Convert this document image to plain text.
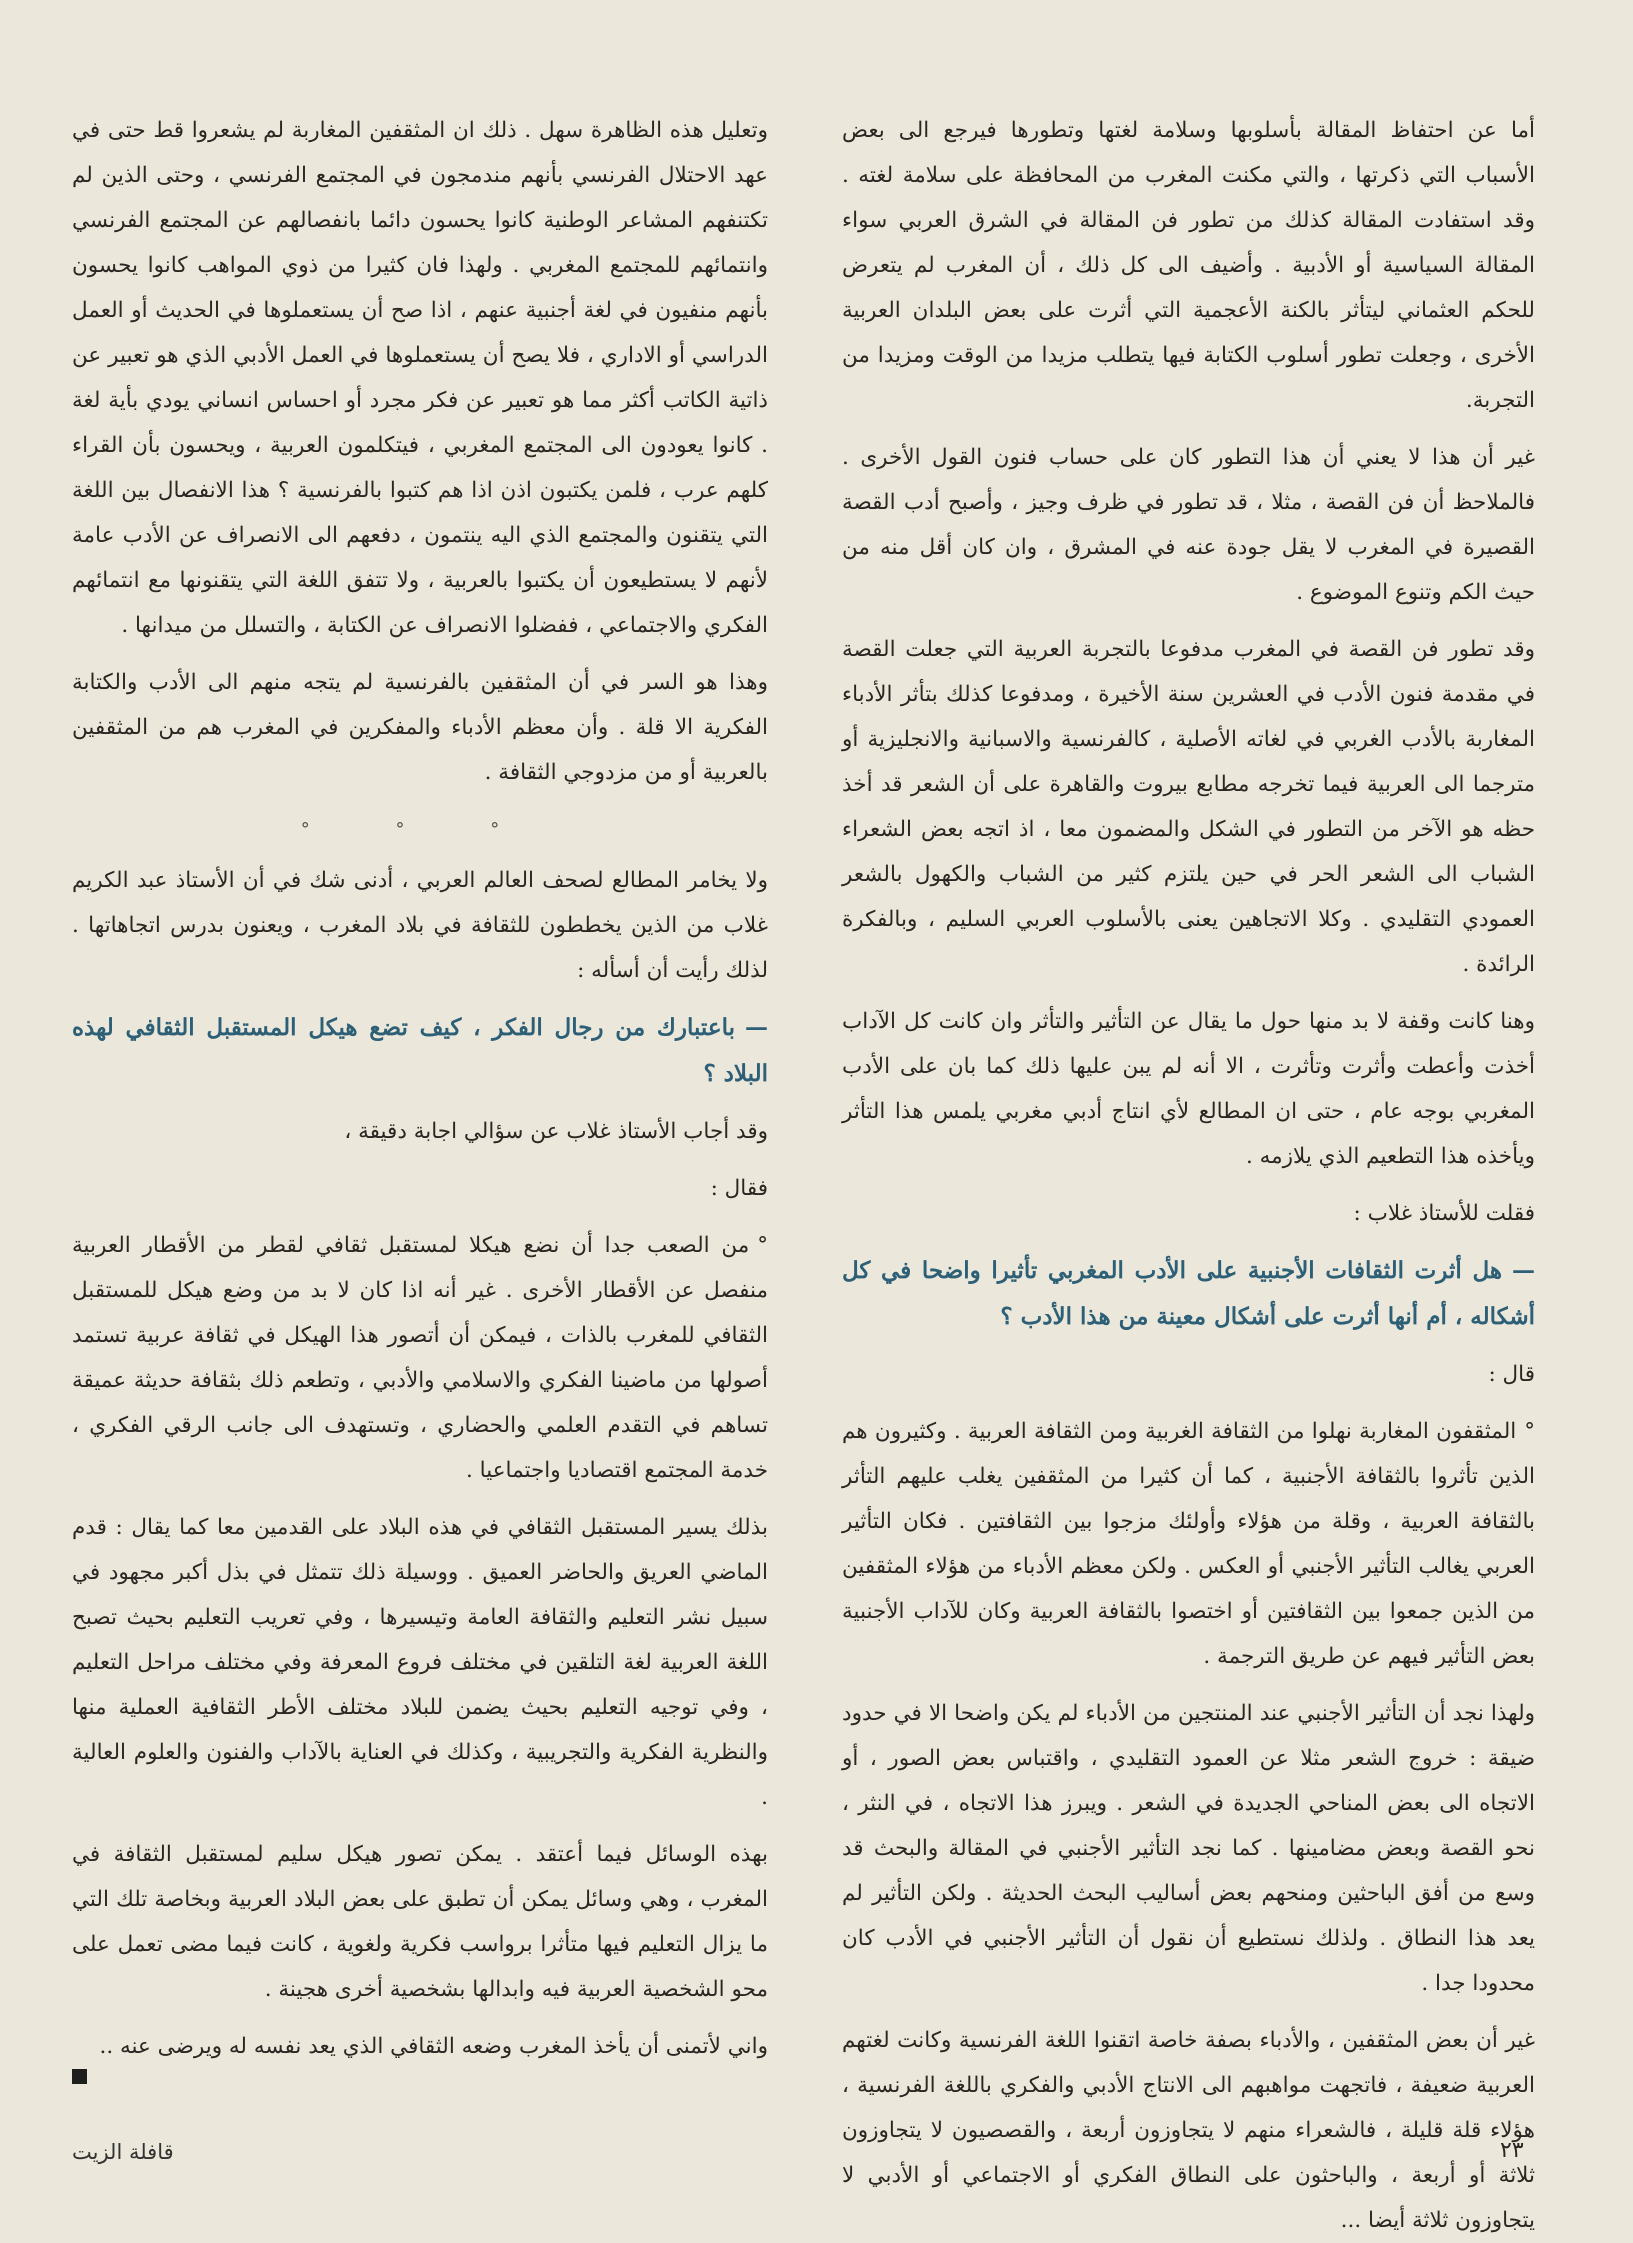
أما عن احتفاظ المقالة بأسلوبها وسلامة لغتها وتطورها فيرجع الى بعض الأسباب التي ذكرتها ، والتي مكنت المغرب من المحافظة على سلامة لغته . وقد استفادت المقالة كذلك من تطور فن المقالة في الشرق العربي سواء المقالة السياسية أو الأدبية . وأضيف الى كل ذلك ، أن المغرب لم يتعرض للحكم العثماني ليتأثر بالكنة الأعجمية التي أثرت على بعض البلدان العربية الأخرى ، وجعلت تطور أسلوب الكتابة فيها يتطلب مزيدا من الوقت ومزيدا من التجربة.

غير أن هذا لا يعني أن هذا التطور كان على حساب فنون القول الأخرى . فالملاحظ أن فن القصة ، مثلا ، قد تطور في ظرف وجيز ، وأصبح أدب القصة القصيرة في المغرب لا يقل جودة عنه في المشرق ، وان كان أقل منه من حيث الكم وتنوع الموضوع .

وقد تطور فن القصة في المغرب مدفوعا بالتجربة العربية التي جعلت القصة في مقدمة فنون الأدب في العشرين سنة الأخيرة ، ومدفوعا كذلك بتأثر الأدباء المغاربة بالأدب الغربي في لغاته الأصلية ، كالفرنسية والاسبانية والانجليزية أو مترجما الى العربية فيما تخرجه مطابع بيروت والقاهرة على أن الشعر قد أخذ حظه هو الآخر من التطور في الشكل والمضمون معا ، اذ اتجه بعض الشعراء الشباب الى الشعر الحر في حين يلتزم كثير من الشباب والكهول بالشعر العمودي التقليدي . وكلا الاتجاهين يعنى بالأسلوب العربي السليم ، وبالفكرة الرائدة .

وهنا كانت وقفة لا بد منها حول ما يقال عن التأثير والتأثر وان كانت كل الآداب أخذت وأعطت وأثرت وتأثرت ، الا أنه لم يبن عليها ذلك كما بان على الأدب المغربي بوجه عام ، حتى ان المطالع لأي انتاج أدبي مغربي يلمس هذا التأثر ويأخذه هذا التطعيم الذي يلازمه .

فقلت للأستاذ غلاب :

—هل أثرت الثقافات الأجنبية على الأدب المغربي تأثيرا واضحا في كل أشكاله ، أم أنها أثرت على أشكال معينة من هذا الأدب ؟

قال :

°المثقفون المغاربة نهلوا من الثقافة الغربية ومن الثقافة العربية . وكثيرون هم الذين تأثروا بالثقافة الأجنبية ، كما أن كثيرا من المثقفين يغلب عليهم التأثر بالثقافة العربية ، وقلة من هؤلاء وأولئك مزجوا بين الثقافتين . فكان التأثير العربي يغالب التأثير الأجنبي أو العكس . ولكن معظم الأدباء من هؤلاء المثقفين من الذين جمعوا بين الثقافتين أو اختصوا بالثقافة العربية وكان للآداب الأجنبية بعض التأثير فيهم عن طريق الترجمة .

ولهذا نجد أن التأثير الأجنبي عند المنتجين من الأدباء لم يكن واضحا الا في حدود ضيقة : خروج الشعر مثلا عن العمود التقليدي ، واقتباس بعض الصور ، أو الاتجاه الى بعض المناحي الجديدة في الشعر . ويبرز هذا الاتجاه ، في النثر ، نحو القصة وبعض مضامينها . كما نجد التأثير الأجنبي في المقالة والبحث قد وسع من أفق الباحثين ومنحهم بعض أساليب البحث الحديثة . ولكن التأثير لم يعد هذا النطاق . ولذلك نستطيع أن نقول أن التأثير الأجنبي في الأدب كان محدودا جدا .

غير أن بعض المثقفين ، والأدباء بصفة خاصة اتقنوا اللغة الفرنسية وكانت لغتهم العربية ضعيفة ، فاتجهت مواهبهم الى الانتاج الأدبي والفكري باللغة الفرنسية ، هؤلاء قلة قليلة ، فالشعراء منهم لا يتجاوزون أربعة ، والقصصيون لا يتجاوزون ثلاثة أو أربعة ، والباحثون على النطاق الفكري أو الاجتماعي أو الأدبي لا يتجاوزون ثلاثة أيضا ...

وتعليل هذه الظاهرة سهل . ذلك ان المثقفين المغاربة لم يشعروا قط حتى في عهد الاحتلال الفرنسي بأنهم مندمجون في المجتمع الفرنسي ، وحتى الذين لم تكتنفهم المشاعر الوطنية كانوا يحسون دائما بانفصالهم عن المجتمع الفرنسي وانتمائهم للمجتمع المغربي . ولهذا فان كثيرا من ذوي المواهب كانوا يحسون بأنهم منفيون في لغة أجنبية عنهم ، اذا صح أن يستعملوها في الحديث أو العمل الدراسي أو الاداري ، فلا يصح أن يستعملوها في العمل الأدبي الذي هو تعبير عن ذاتية الكاتب أكثر مما هو تعبير عن فكر مجرد أو احساس انساني يودي بأية لغة . كانوا يعودون الى المجتمع المغربي ، فيتكلمون العربية ، ويحسون بأن القراء كلهم عرب ، فلمن يكتبون اذن اذا هم كتبوا بالفرنسية ؟ هذا الانفصال بين اللغة التي يتقنون والمجتمع الذي اليه ينتمون ، دفعهم الى الانصراف عن الأدب عامة لأنهم لا يستطيعون أن يكتبوا بالعربية ، ولا تتفق اللغة التي يتقنونها مع انتمائهم الفكري والاجتماعي ، ففضلوا الانصراف عن الكتابة ، والتسلل من ميدانها .

وهذا هو السر في أن المثقفين بالفرنسية لم يتجه منهم الى الأدب والكتابة الفكرية الا قلة . وأن معظم الأدباء والمفكرين في المغرب هم من المثقفين بالعربية أو من مزدوجي الثقافة .

° ° °

ولا يخامر المطالع لصحف العالم العربي ، أدنى شك في أن الأستاذ عبد الكريم غلاب من الذين يخططون للثقافة في بلاد المغرب ، ويعنون بدرس اتجاهاتها . لذلك رأيت أن أسأله :

—باعتبارك من رجال الفكر ، كيف تضع هيكل المستقبل الثقافي لهذه البلاد ؟

وقد أجاب الأستاذ غلاب عن سؤالي اجابة دقيقة ،

فقال :

°من الصعب جدا أن نضع هيكلا لمستقبل ثقافي لقطر من الأقطار العربية منفصل عن الأقطار الأخرى . غير أنه اذا كان لا بد من وضع هيكل للمستقبل الثقافي للمغرب بالذات ، فيمكن أن أتصور هذا الهيكل في ثقافة عربية تستمد أصولها من ماضينا الفكري والاسلامي والأدبي ، وتطعم ذلك بثقافة حديثة عميقة تساهم في التقدم العلمي والحضاري ، وتستهدف الى جانب الرقي الفكري ، خدمة المجتمع اقتصاديا واجتماعيا .

بذلك يسير المستقبل الثقافي في هذه البلاد على القدمين معا كما يقال : قدم الماضي العريق والحاضر العميق . ووسيلة ذلك تتمثل في بذل أكبر مجهود في سبيل نشر التعليم والثقافة العامة وتيسيرها ، وفي تعريب التعليم بحيث تصبح اللغة العربية لغة التلقين في مختلف فروع المعرفة وفي مختلف مراحل التعليم ، وفي توجيه التعليم بحيث يضمن للبلاد مختلف الأطر الثقافية العملية منها والنظرية الفكرية والتجريبية ، وكذلك في العناية بالآداب والفنون والعلوم العالية .

بهذه الوسائل فيما أعتقد . يمكن تصور هيكل سليم لمستقبل الثقافة في المغرب ، وهي وسائل يمكن أن تطبق على بعض البلاد العربية وبخاصة تلك التي ما يزال التعليم فيها متأثرا برواسب فكرية ولغوية ، كانت فيما مضى تعمل على محو الشخصية العربية فيه وابدالها بشخصية أخرى هجينة .

واني لأتمنى أن يأخذ المغرب وضعه الثقافي الذي يعد نفسه له ويرضى عنه ..

٢٣
قافلة الزيت
